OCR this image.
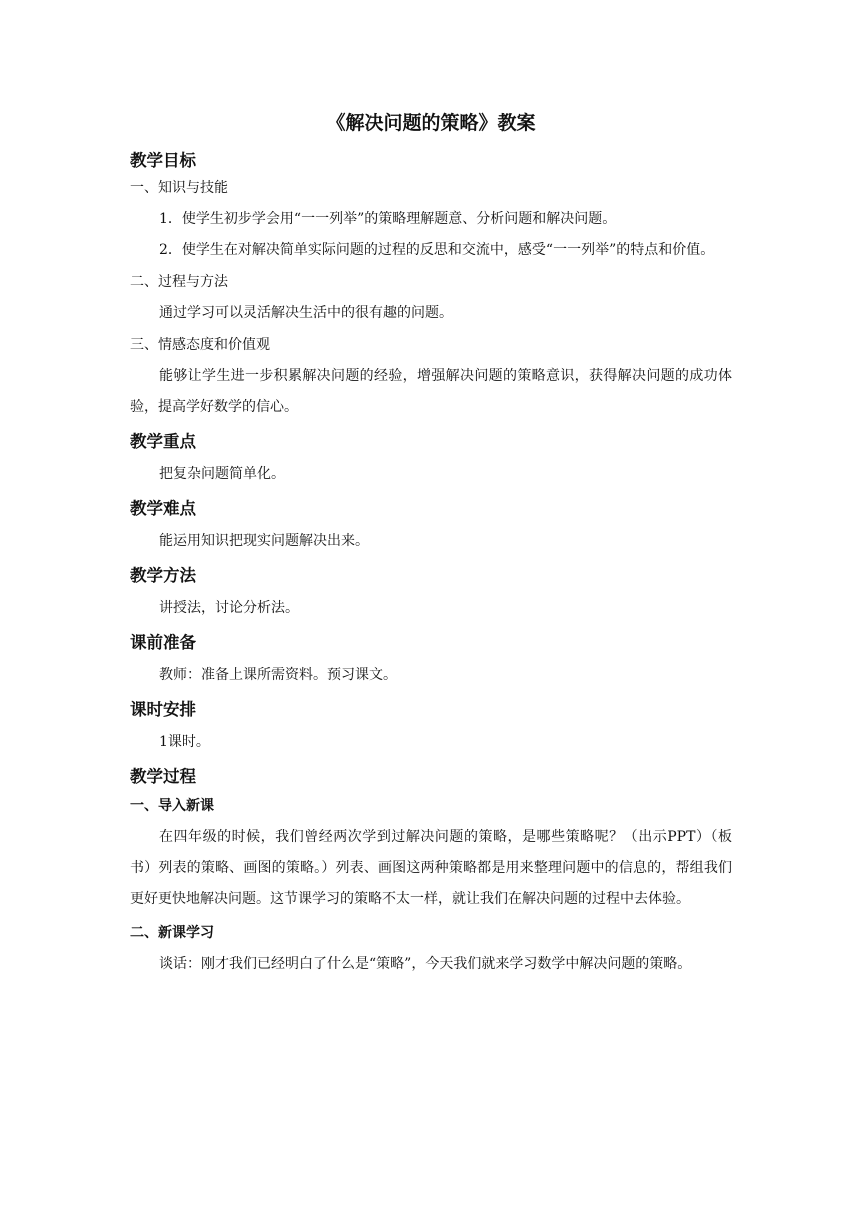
《解决问题的策略》教案
教学目标
一、知识与技能

1．使学生初步学会用“一一列举”的策略理解题意、分析问题和解决问题。

2．使学生在对解决简单实际问题的过程的反思和交流中，感受“一一列举”的特点和价值。

二、过程与方法

通过学习可以灵活解决生活中的很有趣的问题。

三、情感态度和价值观

能够让学生进一步积累解决问题的经验，增强解决问题的策略意识，获得解决问题的成功体验，提高学好数学的信心。

教学重点

把复杂问题简单化。

教学难点

能运用知识把现实问题解决出来。

教学方法

讲授法，讨论分析法。

课前准备

教师：准备上课所需资料。预习课文。

课时安排

1课时。

教学过程
一、导入新课

在四年级的时候，我们曾经两次学到过解决问题的策略，是哪些策略呢？（出示PPT）（板书）列表的策略、画图的策略。）列表、画图这两种策略都是用来整理问题中的信息的，帮组我们更好更快地解决问题。这节课学习的策略不太一样，就让我们在解决问题的过程中去体验。

二、新课学习

谈话：刚才我们已经明白了什么是“策略”，今天我们就来学习数学中解决问题的策略。
